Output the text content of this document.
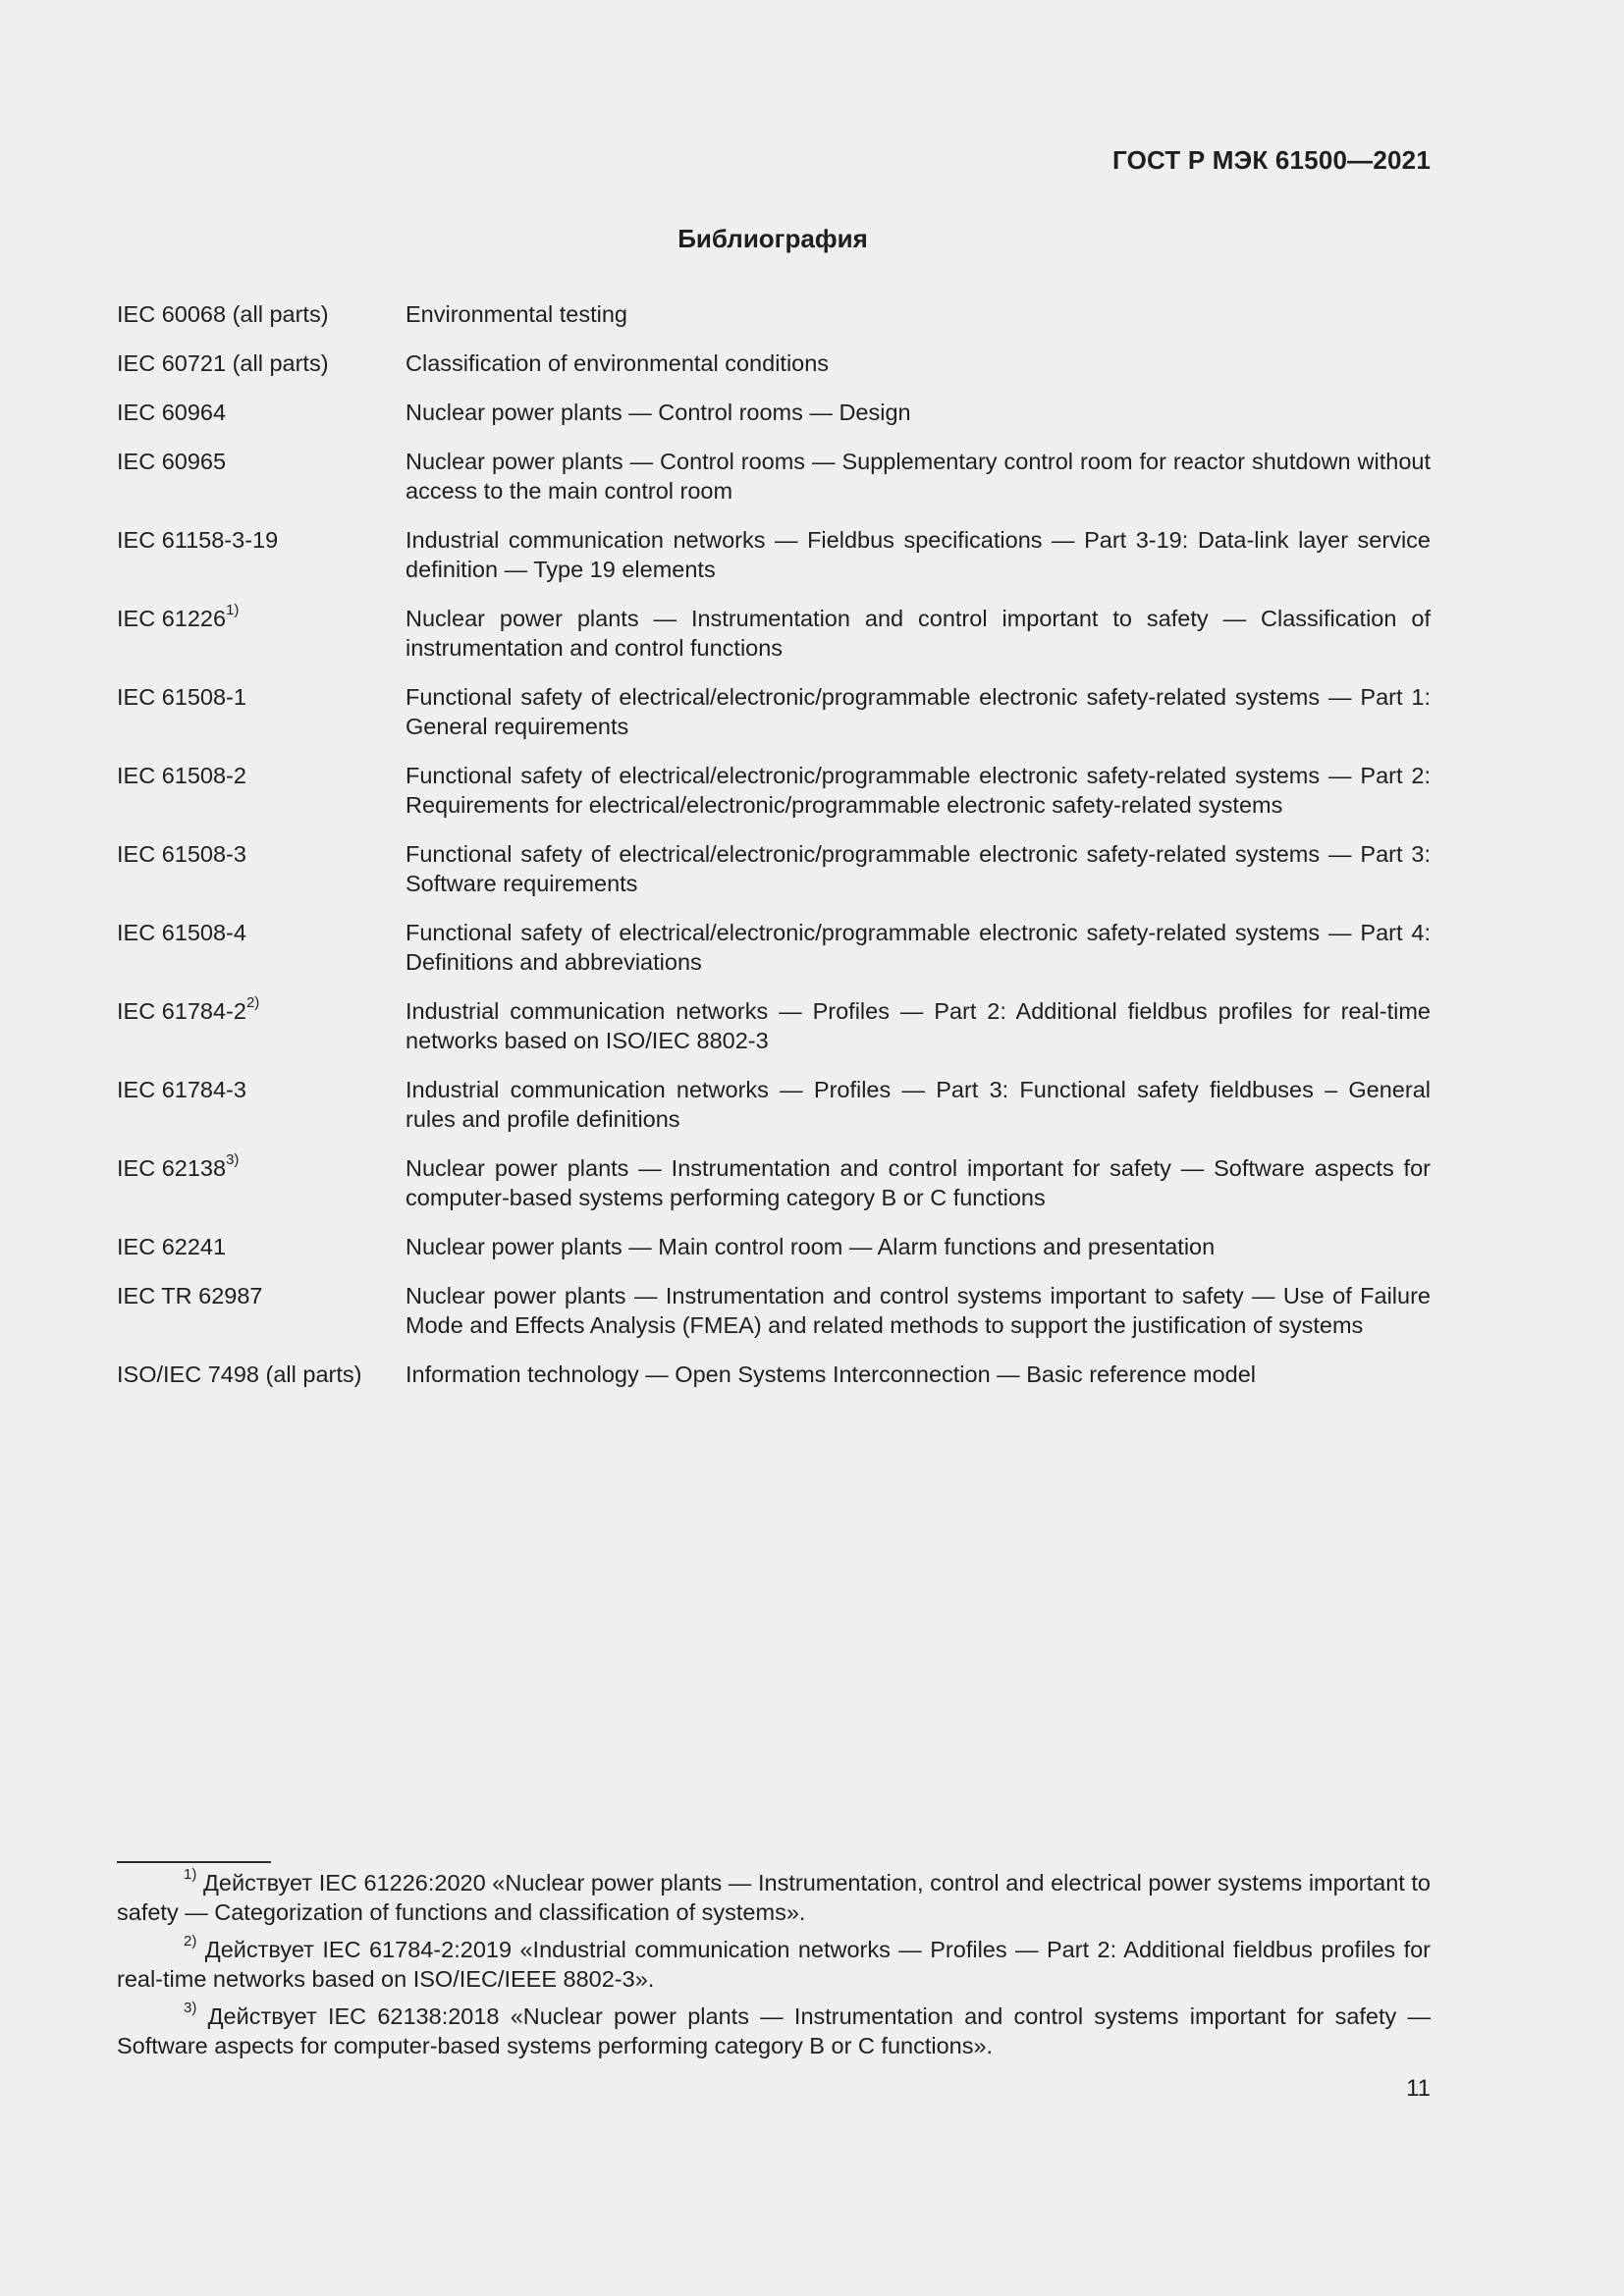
ГОСТ Р МЭК 61500—2021
Библиография
IEC 60068 (all parts)	Environmental testing
IEC 60721 (all parts)	Classification of environmental conditions
IEC 60964	Nuclear power plants — Control rooms — Design
IEC 60965	Nuclear power plants — Control rooms — Supplementary control room for reactor shutdown without access to the main control room
IEC 61158-3-19	Industrial communication networks — Fieldbus specifications — Part 3-19: Data-link layer service definition — Type 19 elements
IEC 61226$^{1)}$	Nuclear power plants — Instrumentation and control important to safety — Classification of instrumentation and control functions
IEC 61508-1	Functional safety of electrical/electronic/programmable electronic safety-related systems — Part 1: General requirements
IEC 61508-2	Functional safety of electrical/electronic/programmable electronic safety-related systems — Part 2: Requirements for electrical/electronic/programmable electronic safety-related systems
IEC 61508-3	Functional safety of electrical/electronic/programmable electronic safety-related systems — Part 3: Software requirements
IEC 61508-4	Functional safety of electrical/electronic/programmable electronic safety-related systems — Part 4: Definitions and abbreviations
IEC 61784-2$^{2)}$	Industrial communication networks — Profiles — Part 2: Additional fieldbus profiles for real-time networks based on ISO/IEC 8802-3
IEC 61784-3	Industrial communication networks — Profiles — Part 3: Functional safety fieldbuses – General rules and profile definitions
IEC 62138$^{3)}$	Nuclear power plants — Instrumentation and control important for safety — Software aspects for computer-based systems performing category B or C functions
IEC 62241	Nuclear power plants — Main control room — Alarm functions and presentation
IEC TR 62987	Nuclear power plants — Instrumentation and control systems important to safety — Use of Failure Mode and Effects Analysis (FMEA) and related methods to support the justification of systems
ISO/IEC 7498 (all parts)	Information technology — Open Systems Interconnection — Basic reference model
$^{1)}$ Действует IEC 61226:2020 «Nuclear power plants — Instrumentation, control and electrical power systems important to safety — Categorization of functions and classification of systems».
$^{2)}$ Действует IEC 61784-2:2019 «Industrial communication networks — Profiles — Part 2: Additional fieldbus profiles for real-time networks based on ISO/IEC/IEEE 8802-3».
$^{3)}$ Действует IEC 62138:2018 «Nuclear power plants — Instrumentation and control systems important for safety — Software aspects for computer-based systems performing category B or C functions».
11
